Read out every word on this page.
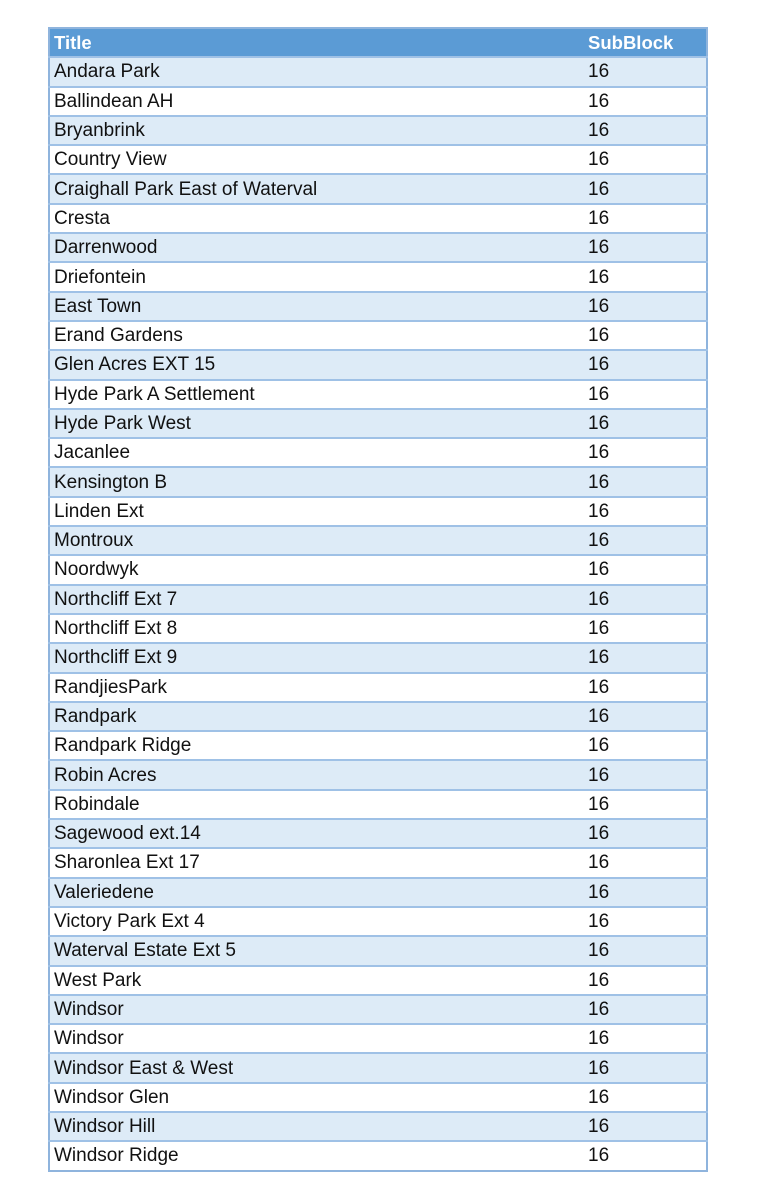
Title	SubBlock
Andara Park	16
Ballindean AH	16
Bryanbrink	16
Country View	16
Craighall Park East of Waterval	16
Cresta	16
Darrenwood	16
Driefontein	16
East Town	16
Erand Gardens	16
Glen Acres EXT 15	16
Hyde Park A Settlement	16
Hyde Park West	16
Jacanlee	16
Kensington B	16
Linden Ext	16
Montroux	16
Noordwyk	16
Northcliff Ext 7	16
Northcliff Ext 8	16
Northcliff Ext 9	16
RandjiesPark	16
Randpark	16
Randpark Ridge	16
Robin Acres	16
Robindale	16
Sagewood ext.14	16
Sharonlea Ext 17	16
Valeriedene	16
Victory Park Ext 4	16
Waterval Estate Ext 5	16
West Park	16
Windsor	16
Windsor	16
Windsor East & West	16
Windsor Glen	16
Windsor Hill	16
Windsor Ridge	16
